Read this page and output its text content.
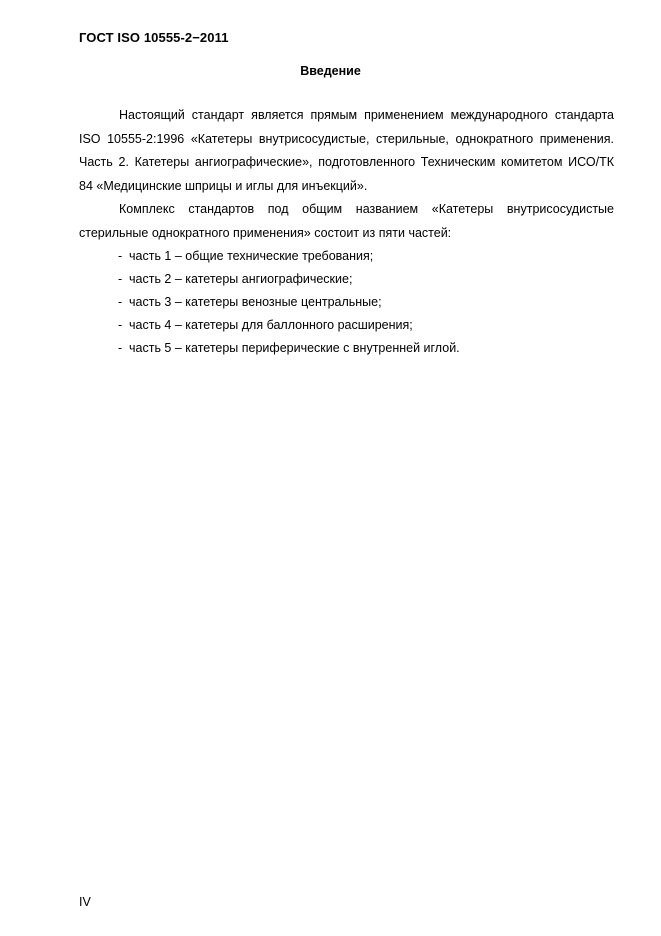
ГОСТ ISO 10555-2−2011
Введение

Настоящий стандарт является прямым применением международного стандарта ISO 10555-2:1996 «Катетеры внутрисосудистые, стерильные, однократного применения. Часть 2. Катетеры ангиографические», подготовленного Техническим комитетом ИСО/ТК 84 «Медицинские шприцы и иглы для инъекций».

Комплекс стандартов под общим названием «Катетеры внутрисосудистые стерильные однократного применения» состоит из пяти частей:

- часть 1 – общие технические требования;
- часть 2 – катетеры ангиографические;
- часть 3 – катетеры венозные центральные;
- часть 4 – катетеры для баллонного расширения;
- часть 5 – катетеры периферические с внутренней иглой.
IV
